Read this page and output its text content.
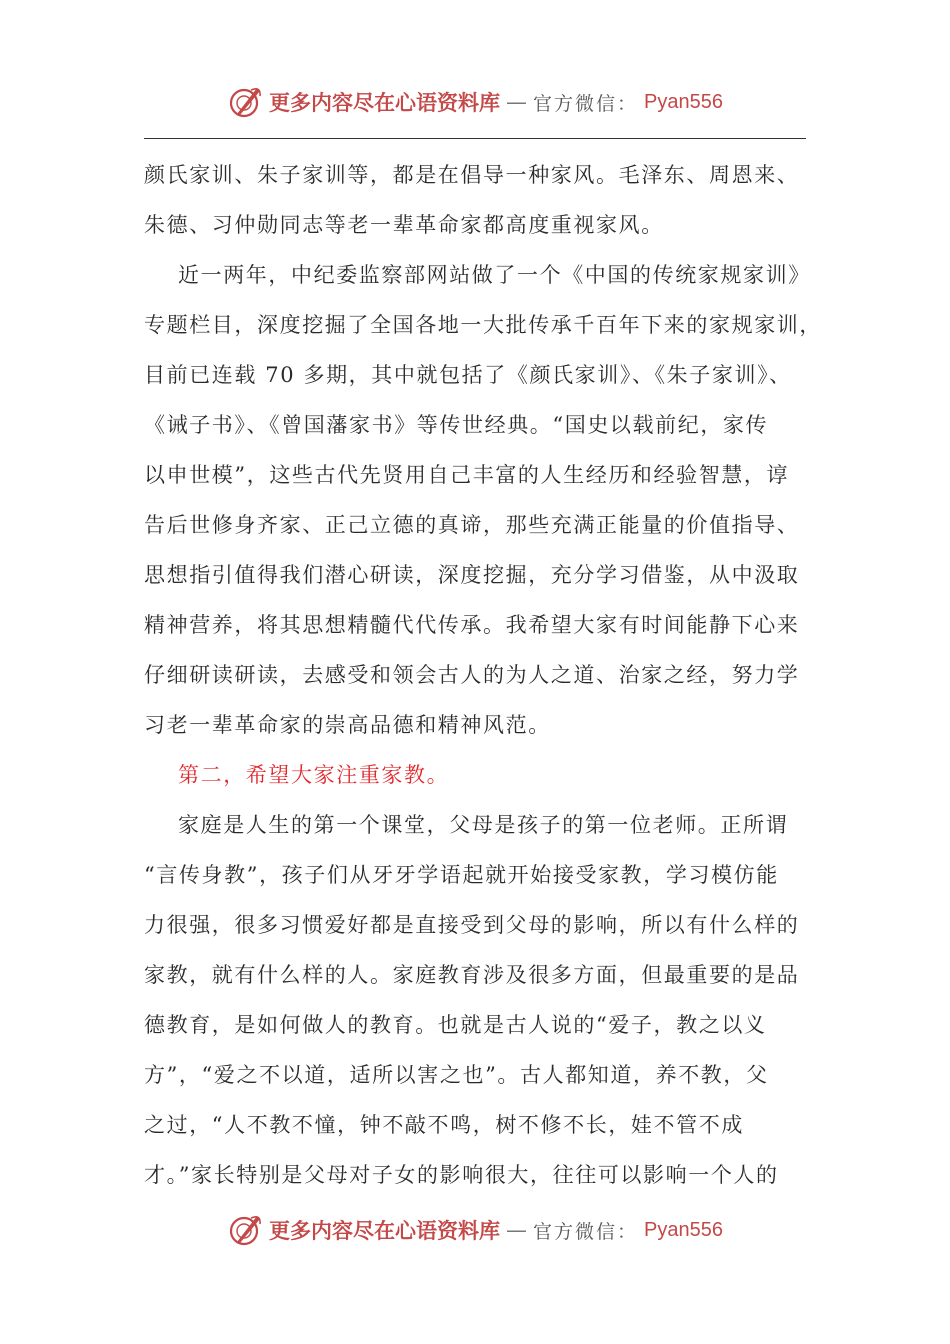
更多内容尽在心语资料库 — 官方微信： Pyan556
颜氏家训、朱子家训等，都是在倡导一种家风。毛泽东、周恩来、
朱德、习仲勋同志等老一辈革命家都高度重视家风。
近一两年，中纪委监察部网站做了一个《中国的传统家规家训》
专题栏目，深度挖掘了全国各地一大批传承千百年下来的家规家训，
目前已连载 70 多期，其中就包括了《颜氏家训》、《朱子家训》、
《诫子书》、《曾国藩家书》等传世经典。“国史以载前纪，家传
以申世模”，这些古代先贤用自己丰富的人生经历和经验智慧，谆
告后世修身齐家、正己立德的真谛，那些充满正能量的价值指导、
思想指引值得我们潜心研读，深度挖掘，充分学习借鉴，从中汲取
精神营养，将其思想精髓代代传承。我希望大家有时间能静下心来
仔细研读研读，去感受和领会古人的为人之道、治家之经，努力学
习老一辈革命家的崇高品德和精神风范。
第二，希望大家注重家教。
家庭是人生的第一个课堂，父母是孩子的第一位老师。正所谓
“言传身教”，孩子们从牙牙学语起就开始接受家教，学习模仿能
力很强，很多习惯爱好都是直接受到父母的影响，所以有什么样的
家教，就有什么样的人。家庭教育涉及很多方面，但最重要的是品
德教育，是如何做人的教育。也就是古人说的“爱子，教之以义
方”，“爱之不以道，适所以害之也”。古人都知道，养不教，父
之过，“人不教不憧，钟不敲不鸣，树不修不长，娃不管不成
才。”家长特别是父母对子女的影响很大，往往可以影响一个人的
更多内容尽在心语资料库 — 官方微信： Pyan556
